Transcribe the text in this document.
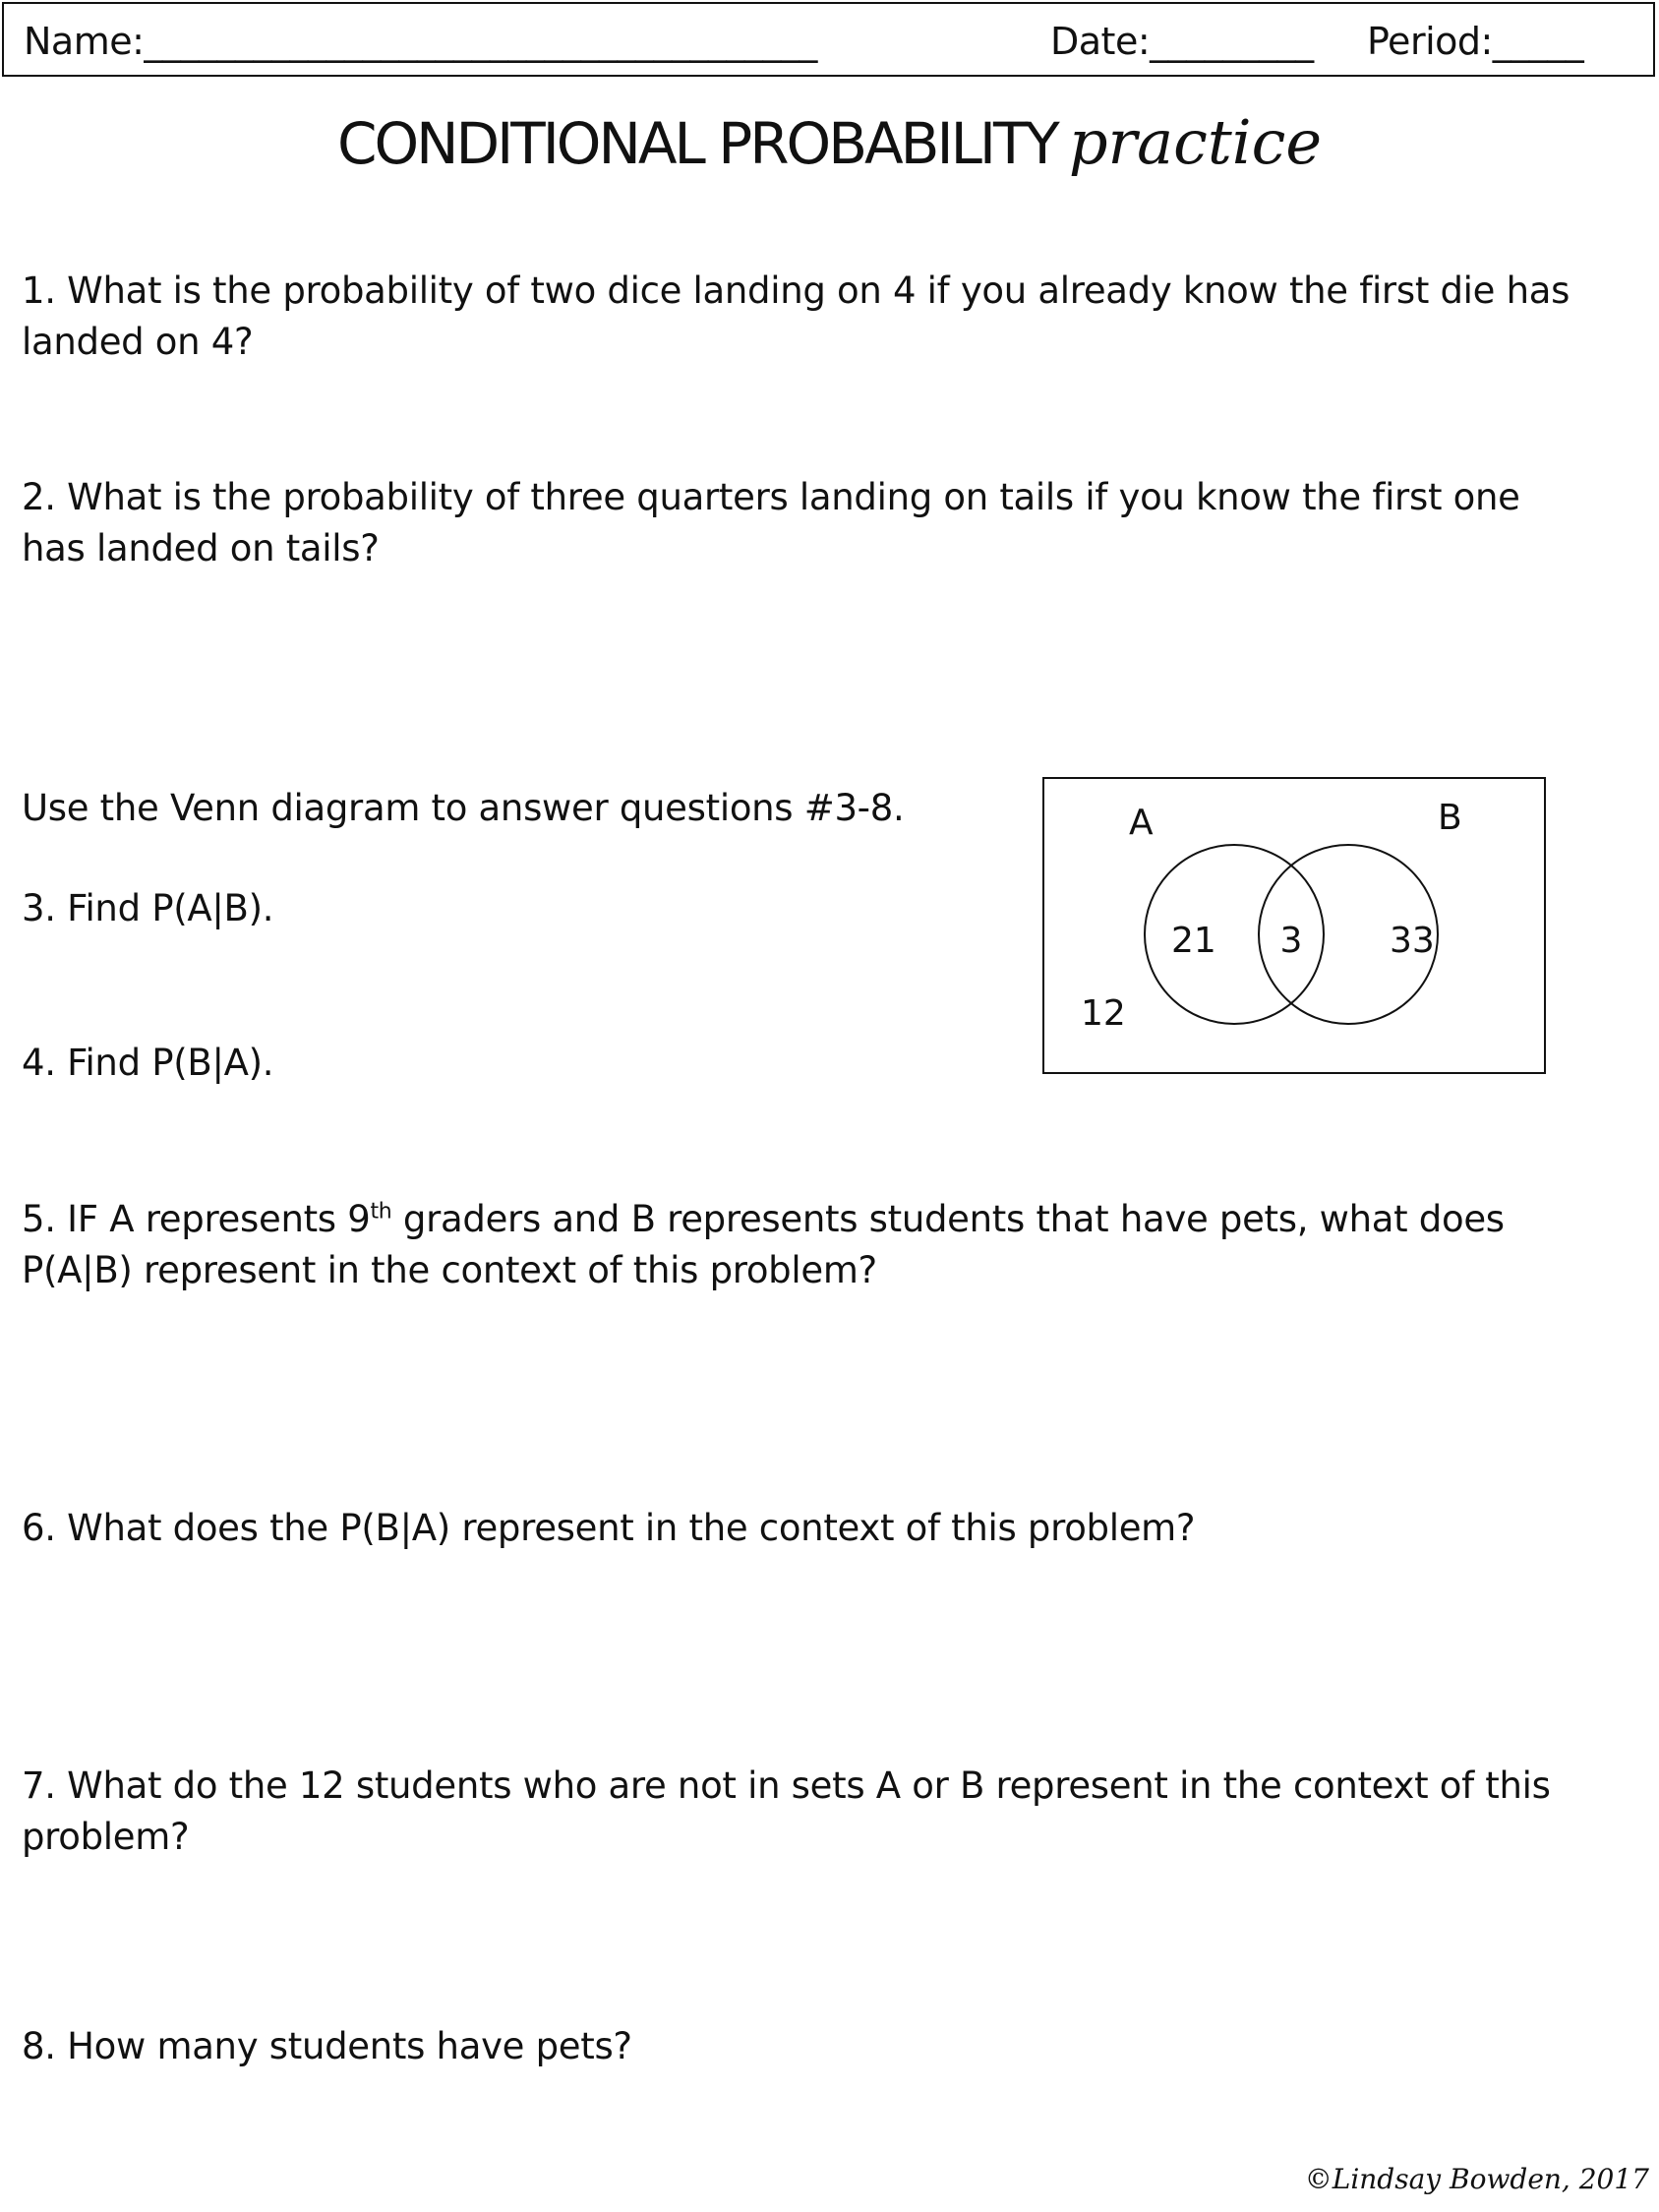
Name:_____________________________________	Date:_________ Period:_____
CONDITIONAL PROBABILITY practice
1. What is the probability of two dice landing on 4 if you already know the first die has landed on 4?
2. What is the probability of three quarters landing on tails if you know the first one has landed on tails?
Use the Venn diagram to answer questions #3-8.
3. Find P(A|B).
4. Find P(B|A).
5. IF A represents 9th graders and B represents students that have pets, what does P(A|B) represent in the context of this problem?
6. What does the P(B|A) represent in the context of this problem?
7. What do the 12 students who are not in sets A or B represent in the context of this problem?
8. How many students have pets?
A	B
21 3 33
12
©Lindsay Bowden, 2017
